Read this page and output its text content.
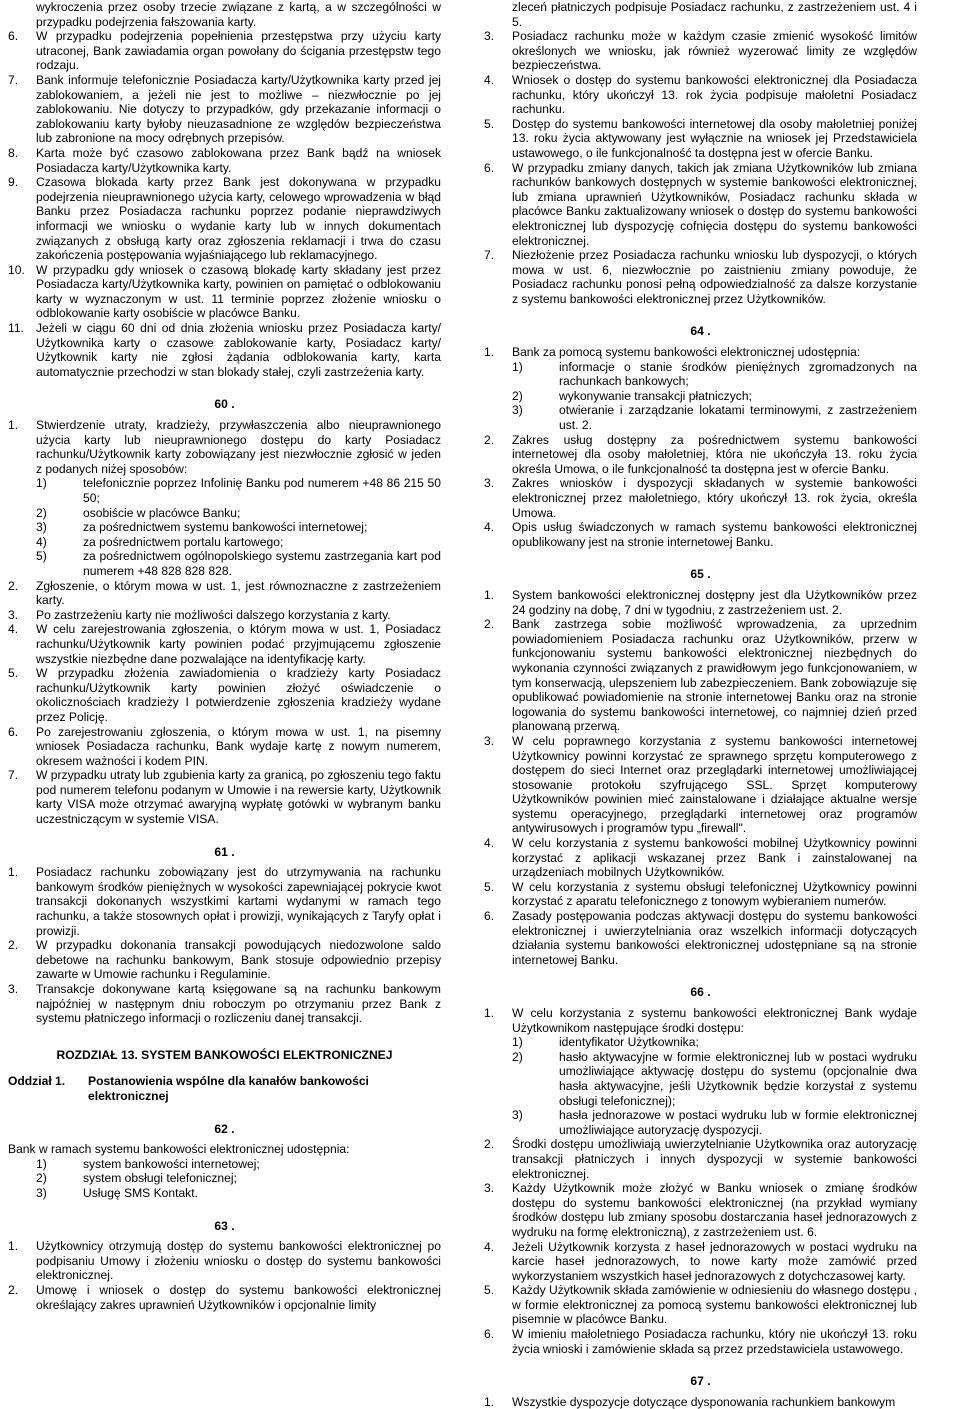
wykroczenia przez osoby trzecie związane z kartą, a w szczególności w przypadku podejrzenia fałszowania karty.
6.	W przypadku podejrzenia popełnienia przestępstwa przy użyciu karty utraconej, Bank zawiadamia organ powołany do ścigania przestępstw tego rodzaju.
7.	Bank informuje telefonicznie Posiadacza karty/Użytkownika karty przed jej zablokowaniem, a jeżeli nie jest to możliwe – niezwłocznie po jej zablokowaniu. Nie dotyczy to przypadków, gdy przekazanie informacji o zablokowaniu karty byłoby nieuzasadnione ze względów bezpieczeństwa lub zabronione na mocy odrębnych przepisów.
8.	Karta może być czasowo zablokowana przez Bank bądź na wniosek Posiadacza karty/Użytkownika karty.
9.	Czasowa blokada karty przez Bank jest dokonywana w przypadku podejrzenia nieuprawnionego użycia karty, celowego wprowadzenia w błąd Banku przez Posiadacza rachunku poprzez podanie nieprawdziwych informacji we wniosku o wydanie karty lub w innych dokumentach związanych z obsługą karty oraz zgłoszenia reklamacji i trwa do czasu zakończenia postępowania wyjaśniającego lub reklamacyjnego.
10. W przypadku gdy wniosek o czasową blokadę karty składany jest przez Posiadacza karty/Użytkownika karty, powinien on pamiętać o odblokowaniu karty w wyznaczonym w ust. 11 terminie poprzez złożenie wniosku o odblokowanie karty osobiście w placówce Banku.
11. Jeżeli w ciągu 60 dni od dnia złożenia wniosku przez Posiadacza karty/ Użytkownika karty o czasowe zablokowanie karty, Posiadacz karty/ Użytkownik karty nie zgłosi żądania odblokowania karty, karta automatycznie przechodzi w stan blokady stałej, czyli zastrzeżenia karty.
60 .
1.	Stwierdzenie utraty, kradzieży, przywłaszczenia albo nieuprawnionego użycia karty lub nieuprawnionego dostępu do karty Posiadacz rachunku/Użytkownik karty zobowiązany jest niezwłocznie zgłosić w jeden z podanych niżej sposobów:
1)	telefonicznie poprzez Infolinię Banku pod numerem +48 86 215 50 50;
2)	osobiście w placówce Banku;
3)	za pośrednictwem systemu bankowości internetowej;
4)	za pośrednictwem portalu kartowego;
5)	za pośrednictwem ogólnopolskiego systemu zastrzegania kart pod numerem +48 828 828 828.
2.	Zgłoszenie, o którym mowa w ust. 1, jest równoznaczne z zastrzeżeniem karty.
3.	Po zastrzeżeniu karty nie możliwości dalszego korzystania z karty.
4.	W celu zarejestrowania zgłoszenia, o którym mowa w ust. 1, Posiadacz rachunku/Użytkownik karty powinien podać przyjmującemu zgłoszenie wszystkie niezbędne dane pozwalające na identyfikację karty.
5.	W przypadku złożenia zawiadomienia o kradzieży karty Posiadacz rachunku/Użytkownik karty powinien złożyć oświadczenie o okolicznościach kradzieży I potwierdzenie zgłoszenia kradzieży wydane przez Policję.
6.	Po zarejestrowaniu zgłoszenia, o którym mowa w ust. 1, na pisemny wniosek Posiadacza rachunku, Bank wydaje kartę z nowym numerem, okresem ważności i kodem PIN.
7.	W przypadku utraty lub zgubienia karty za granicą, po zgłoszeniu tego faktu pod numerem telefonu podanym w Umowie i na rewersie karty, Użytkownik karty VISA może otrzymać awaryjną wypłatę gotówki w wybranym banku uczestniczącym w systemie VISA.
61 .
1.	Posiadacz rachunku zobowiązany jest do utrzymywania na rachunku bankowym środków pieniężnych w wysokości zapewniającej pokrycie kwot transakcji dokonanych wszystkimi kartami wydanymi w ramach tego rachunku, a także stosownych opłat i prowizji, wynikających z Taryfy opłat i prowizji.
2.	W przypadku dokonania transakcji powodujących niedozwolone saldo debetowe na rachunku bankowym, Bank stosuje odpowiednio przepisy zawarte w Umowie rachunku i Regulaminie.
3.	Transakcje dokonywane kartą księgowane są na rachunku bankowym najpóźniej w następnym dniu roboczym po otrzymaniu przez Bank z systemu płatniczego informacji o rozliczeniu danej transakcji.
ROZDZIAŁ 13. SYSTEM BANKOWOŚCI ELEKTRONICZNEJ
Oddział 1.	Postanowienia wspólne dla kanałów bankowości elektronicznej
62 .
Bank w ramach systemu bankowości elektronicznej udostępnia:
1)	system bankowości internetowej;
2)	system obsługi telefonicznej;
3)	Usługę SMS Kontakt.
63 .
1.	Użytkownicy otrzymują dostęp do systemu bankowości elektronicznej po podpisaniu Umowy i złożeniu wniosku o dostęp do systemu bankowości elektronicznej.
2.	Umowę i wniosek o dostęp do systemu bankowości elektronicznej określający zakres uprawnień Użytkowników i opcjonalnie limity
zleceń płatniczych podpisuje Posiadacz rachunku, z zastrzeżeniem ust. 4 i 5.
3.	Posiadacz rachunku może w każdym czasie zmienić wysokość limitów określonych we wniosku, jak również wyzerować limity ze względów bezpieczeństwa.
4.	Wniosek o dostęp do systemu bankowości elektronicznej dla Posiadacza rachunku, który ukończył 13. rok życia podpisuje małoletni Posiadacz rachunku.
5.	Dostęp do systemu bankowości internetowej dla osoby małoletniej poniżej 13. roku życia aktywowany jest wyłącznie na wniosek jej Przedstawiciela ustawowego, o ile funkcjonalność ta dostępna jest w ofercie Banku.
6.	W przypadku zmiany danych, takich jak zmiana Użytkowników lub zmiana rachunków bankowych dostępnych w systemie bankowości elektronicznej, lub zmiana uprawnień Użytkowników, Posiadacz rachunku składa w placówce Banku zaktualizowany wniosek o dostęp do systemu bankowości elektronicznej lub dyspozycję cofnięcia dostępu do systemu bankowości elektronicznej.
7.	Niezłożenie przez Posiadacza rachunku wniosku lub dyspozycji, o których mowa w ust. 6, niezwłocznie po zaistnieniu zmiany powoduje, że Posiadacz rachunku ponosi pełną odpowiedzialność za dalsze korzystanie z systemu bankowości elektronicznej przez Użytkowników.
64 .
1.	Bank za pomocą systemu bankowości elektronicznej udostępnia:
1)	informacje o stanie środków pieniężnych zgromadzonych na rachunkach bankowych;
2)	wykonywanie transakcji płatniczych;
3)	otwieranie i zarządzanie lokatami terminowymi, z zastrzeżeniem ust. 2.
2.	Zakres usług dostępny za pośrednictwem systemu bankowości internetowej dla osoby małoletniej, która nie ukończyła 13. roku życia określa Umowa, o ile funkcjonalność ta dostępna jest w ofercie Banku.
3.	Zakres wniosków i dyspozycji składanych w systemie bankowości elektronicznej przez małoletniego, który ukończył 13. rok życia, określa Umowa.
4.	Opis usług świadczonych w ramach systemu bankowości elektronicznej opublikowany jest na stronie internetowej Banku.
65 .
1.	System bankowości elektronicznej dostępny jest dla Użytkowników przez 24 godziny na dobę, 7 dni w tygodniu, z zastrzeżeniem ust. 2.
2.	Bank zastrzega sobie możliwość wprowadzenia, za uprzednim powiadomieniem Posiadacza rachunku oraz Użytkowników, przerw w funkcjonowaniu systemu bankowości elektronicznej niezbędnych do wykonania czynności związanych z prawidłowym jego funkcjonowaniem, w tym konserwacją, ulepszeniem lub zabezpieczeniem. Bank zobowiązuje się opublikować powiadomienie na stronie internetowej Banku oraz na stronie logowania do systemu bankowości internetowej, co najmniej dzień przed planowaną przerwą.
3.	W celu poprawnego korzystania z systemu bankowości internetowej Użytkownicy powinni korzystać ze sprawnego sprzętu komputerowego z dostępem do sieci Internet oraz przeglądarki internetowej umożliwiającej stosowanie protokołu szyfrującego SSL. Sprzęt komputerowy Użytkowników powinien mieć zainstalowane i działające aktualne wersje systemu operacyjnego, przeglądarki internetowej oraz programów antywirusowych i programów typu „firewall".
4.	W celu korzystania z systemu bankowości mobilnej Użytkownicy powinni korzystać z aplikacji wskazanej przez Bank i zainstalowanej na urządzeniach mobilnych Użytkowników.
5.	W celu korzystania z systemu obsługi telefonicznej Użytkownicy powinni korzystać z aparatu telefonicznego z tonowym wybieraniem numerów.
6.	Zasady postępowania podczas aktywacji dostępu do systemu bankowości elektronicznej i uwierzytelniania oraz wszelkich informacji dotyczących działania systemu bankowości elektronicznej udostępniane są na stronie internetowej Banku.
66 .
1.	W celu korzystania z systemu bankowości elektronicznej Bank wydaje Użytkownikom następujące środki dostępu:
1)	identyfikator Użytkownika;
2)	hasło aktywacyjne w formie elektronicznej lub w postaci wydruku umożliwiające aktywację dostępu do systemu (opcjonalnie dwa hasła aktywacyjne, jeśli Użytkownik będzie korzystał z systemu obsługi telefonicznej);
3)	hasła jednorazowe w postaci wydruku lub w formie elektronicznej umożliwiające autoryzację dyspozycji.
2.	Środki dostępu umożliwiają uwierzytelnianie Użytkownika oraz autoryzację transakcji płatniczych i innych dyspozycji w systemie bankowości elektronicznej.
3.	Każdy Użytkownik może złożyć w Banku wniosek o zmianę środków dostępu do systemu bankowości elektronicznej (na przykład wymiany środków dostępu lub zmiany sposobu dostarczania haseł jednorazowych z wydruku na formę elektroniczną), z zastrzeżeniem ust. 6.
4.	Jeżeli Użytkownik korzysta z haseł jednorazowych w postaci wydruku na karcie haseł jednorazowych, to nowe karty może zamówić przed wykorzystaniem wszystkich haseł jednorazowych z dotychczasowej karty.
5.	Każdy Użytkownik składa zamówienie w odniesieniu do własnego dostępu , w formie elektronicznej za pomocą systemu bankowości elektronicznej lub pisemnie w placówce Banku.
6.	W imieniu małoletniego Posiadacza rachunku, który nie ukończył 13. roku życia wnioski i zamówienie składa są przez przedstawiciela ustawowego.
67 .
1.	Wszystkie dyspozycje dotyczące dysponowania rachunkiem bankowym
